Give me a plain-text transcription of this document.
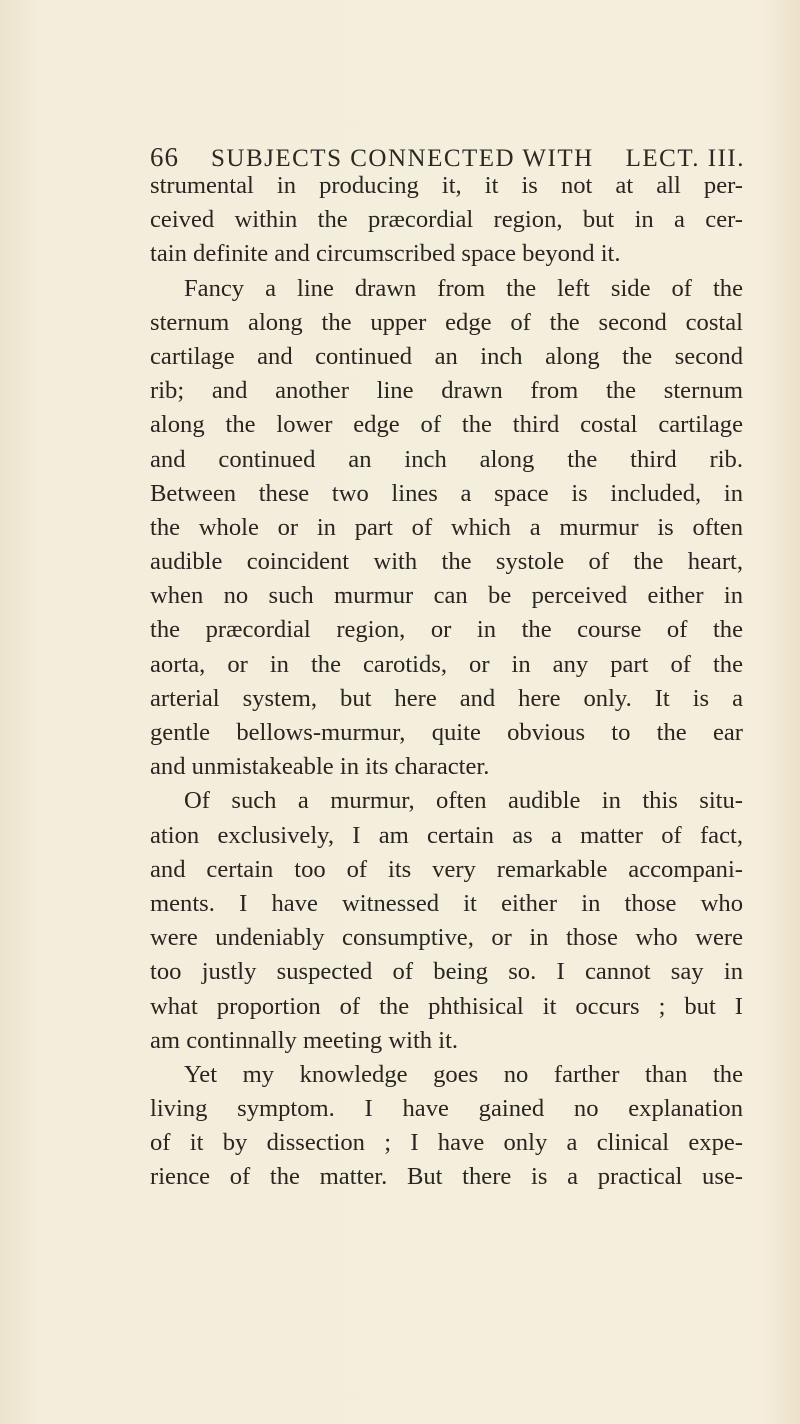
66 SUBJECTS CONNECTED WITH	LECT. III.
strumental in producing it, it is not at all per-
ceived within the præcordial region, but in a cer-
tain definite and circumscribed space beyond it.
Fancy a line drawn from the left side of the
sternum along the upper edge of the second costal
cartilage and continued an inch along the second
rib; and another line drawn from the sternum
along the lower edge of the third costal cartilage
and continued an inch along the third rib.
Between these two lines a space is included, in
the whole or in part of which a murmur is often
audible coincident with the systole of the heart,
when no such murmur can be perceived either in
the præcordial region, or in the course of the
aorta, or in the carotids, or in any part of the
arterial system, but here and here only. It is a
gentle bellows-murmur, quite obvious to the ear
and unmistakeable in its character.
Of such a murmur, often audible in this situ-
ation exclusively, I am certain as a matter of fact,
and certain too of its very remarkable accompani-
ments. I have witnessed it either in those who
were undeniably consumptive, or in those who were
too justly suspected of being so. I cannot say in
what proportion of the phthisical it occurs ; but I
am continnally meeting with it.
Yet my knowledge goes no farther than the
living symptom. I have gained no explanation
of it by dissection ; I have only a clinical expe-
rience of the matter. But there is a practical use-
